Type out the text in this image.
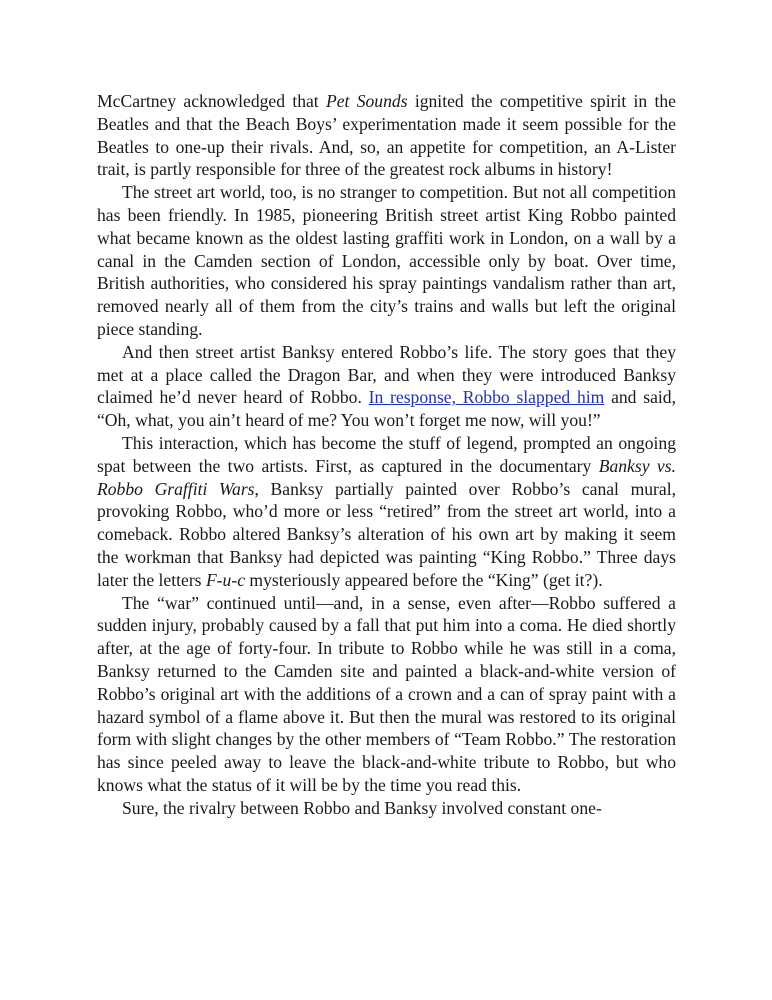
McCartney acknowledged that Pet Sounds ignited the competitive spirit in the Beatles and that the Beach Boys’ experimentation made it seem possible for the Beatles to one-up their rivals. And, so, an appetite for competition, an A-Lister trait, is partly responsible for three of the greatest rock albums in history!

The street art world, too, is no stranger to competition. But not all competition has been friendly. In 1985, pioneering British street artist King Robbo painted what became known as the oldest lasting graffiti work in London, on a wall by a canal in the Camden section of London, accessible only by boat. Over time, British authorities, who considered his spray paintings vandalism rather than art, removed nearly all of them from the city’s trains and walls but left the original piece standing.

And then street artist Banksy entered Robbo’s life. The story goes that they met at a place called the Dragon Bar, and when they were introduced Banksy claimed he’d never heard of Robbo. In response, Robbo slapped him and said, “Oh, what, you ain’t heard of me? You won’t forget me now, will you!”

This interaction, which has become the stuff of legend, prompted an ongoing spat between the two artists. First, as captured in the documentary Banksy vs. Robbo Graffiti Wars, Banksy partially painted over Robbo’s canal mural, provoking Robbo, who’d more or less “retired” from the street art world, into a comeback. Robbo altered Banksy’s alteration of his own art by making it seem the workman that Banksy had depicted was painting “King Robbo.” Three days later the letters F-u-c mysteriously appeared before the “King” (get it?).

The “war” continued until—and, in a sense, even after—Robbo suffered a sudden injury, probably caused by a fall that put him into a coma. He died shortly after, at the age of forty-four. In tribute to Robbo while he was still in a coma, Banksy returned to the Camden site and painted a black-and-white version of Robbo’s original art with the additions of a crown and a can of spray paint with a hazard symbol of a flame above it. But then the mural was restored to its original form with slight changes by the other members of “Team Robbo.” The restoration has since peeled away to leave the black-and-white tribute to Robbo, but who knows what the status of it will be by the time you read this.

Sure, the rivalry between Robbo and Banksy involved constant one-
